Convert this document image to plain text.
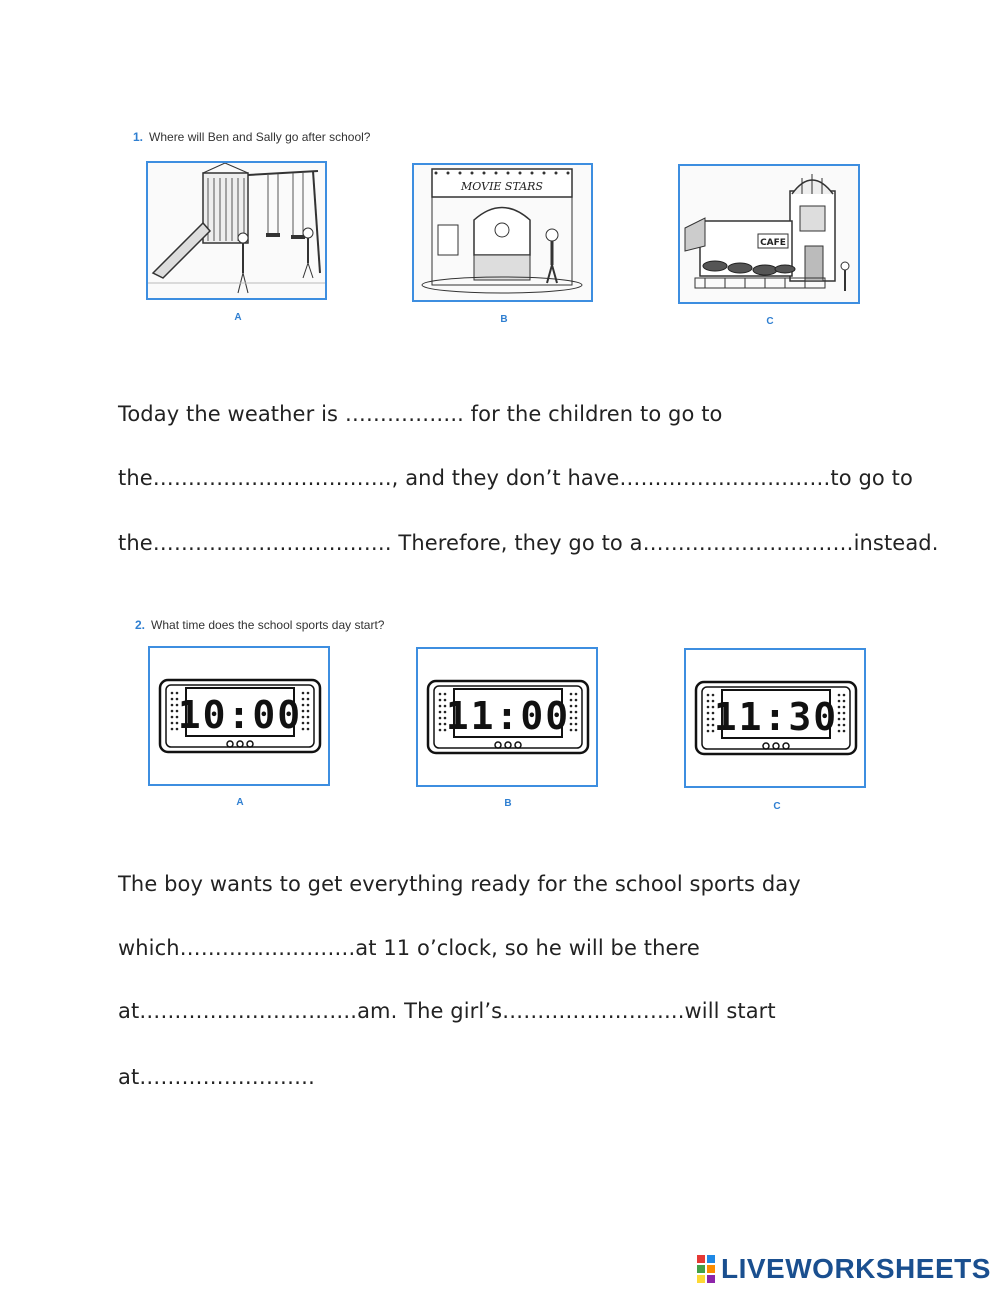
1. Where will Ben and Sally go after school?
A
MOVIE STARS
B
CAFE
C
Today the weather is …………….. for the children to go to
the……………………………., and they don’t have…………………………to go to
the……………………………. Therefore, they go to a…………………………instead.
2. What time does the school sports day start?
10:00
A
11:00
B
11:30
C
The boy wants to get everything ready for the school sports day
which…………………….at 11 o’clock, so he will be there
at………………………….am. The girl’s……………………..will start
at…………………….
LIVEWORKSHEETS
